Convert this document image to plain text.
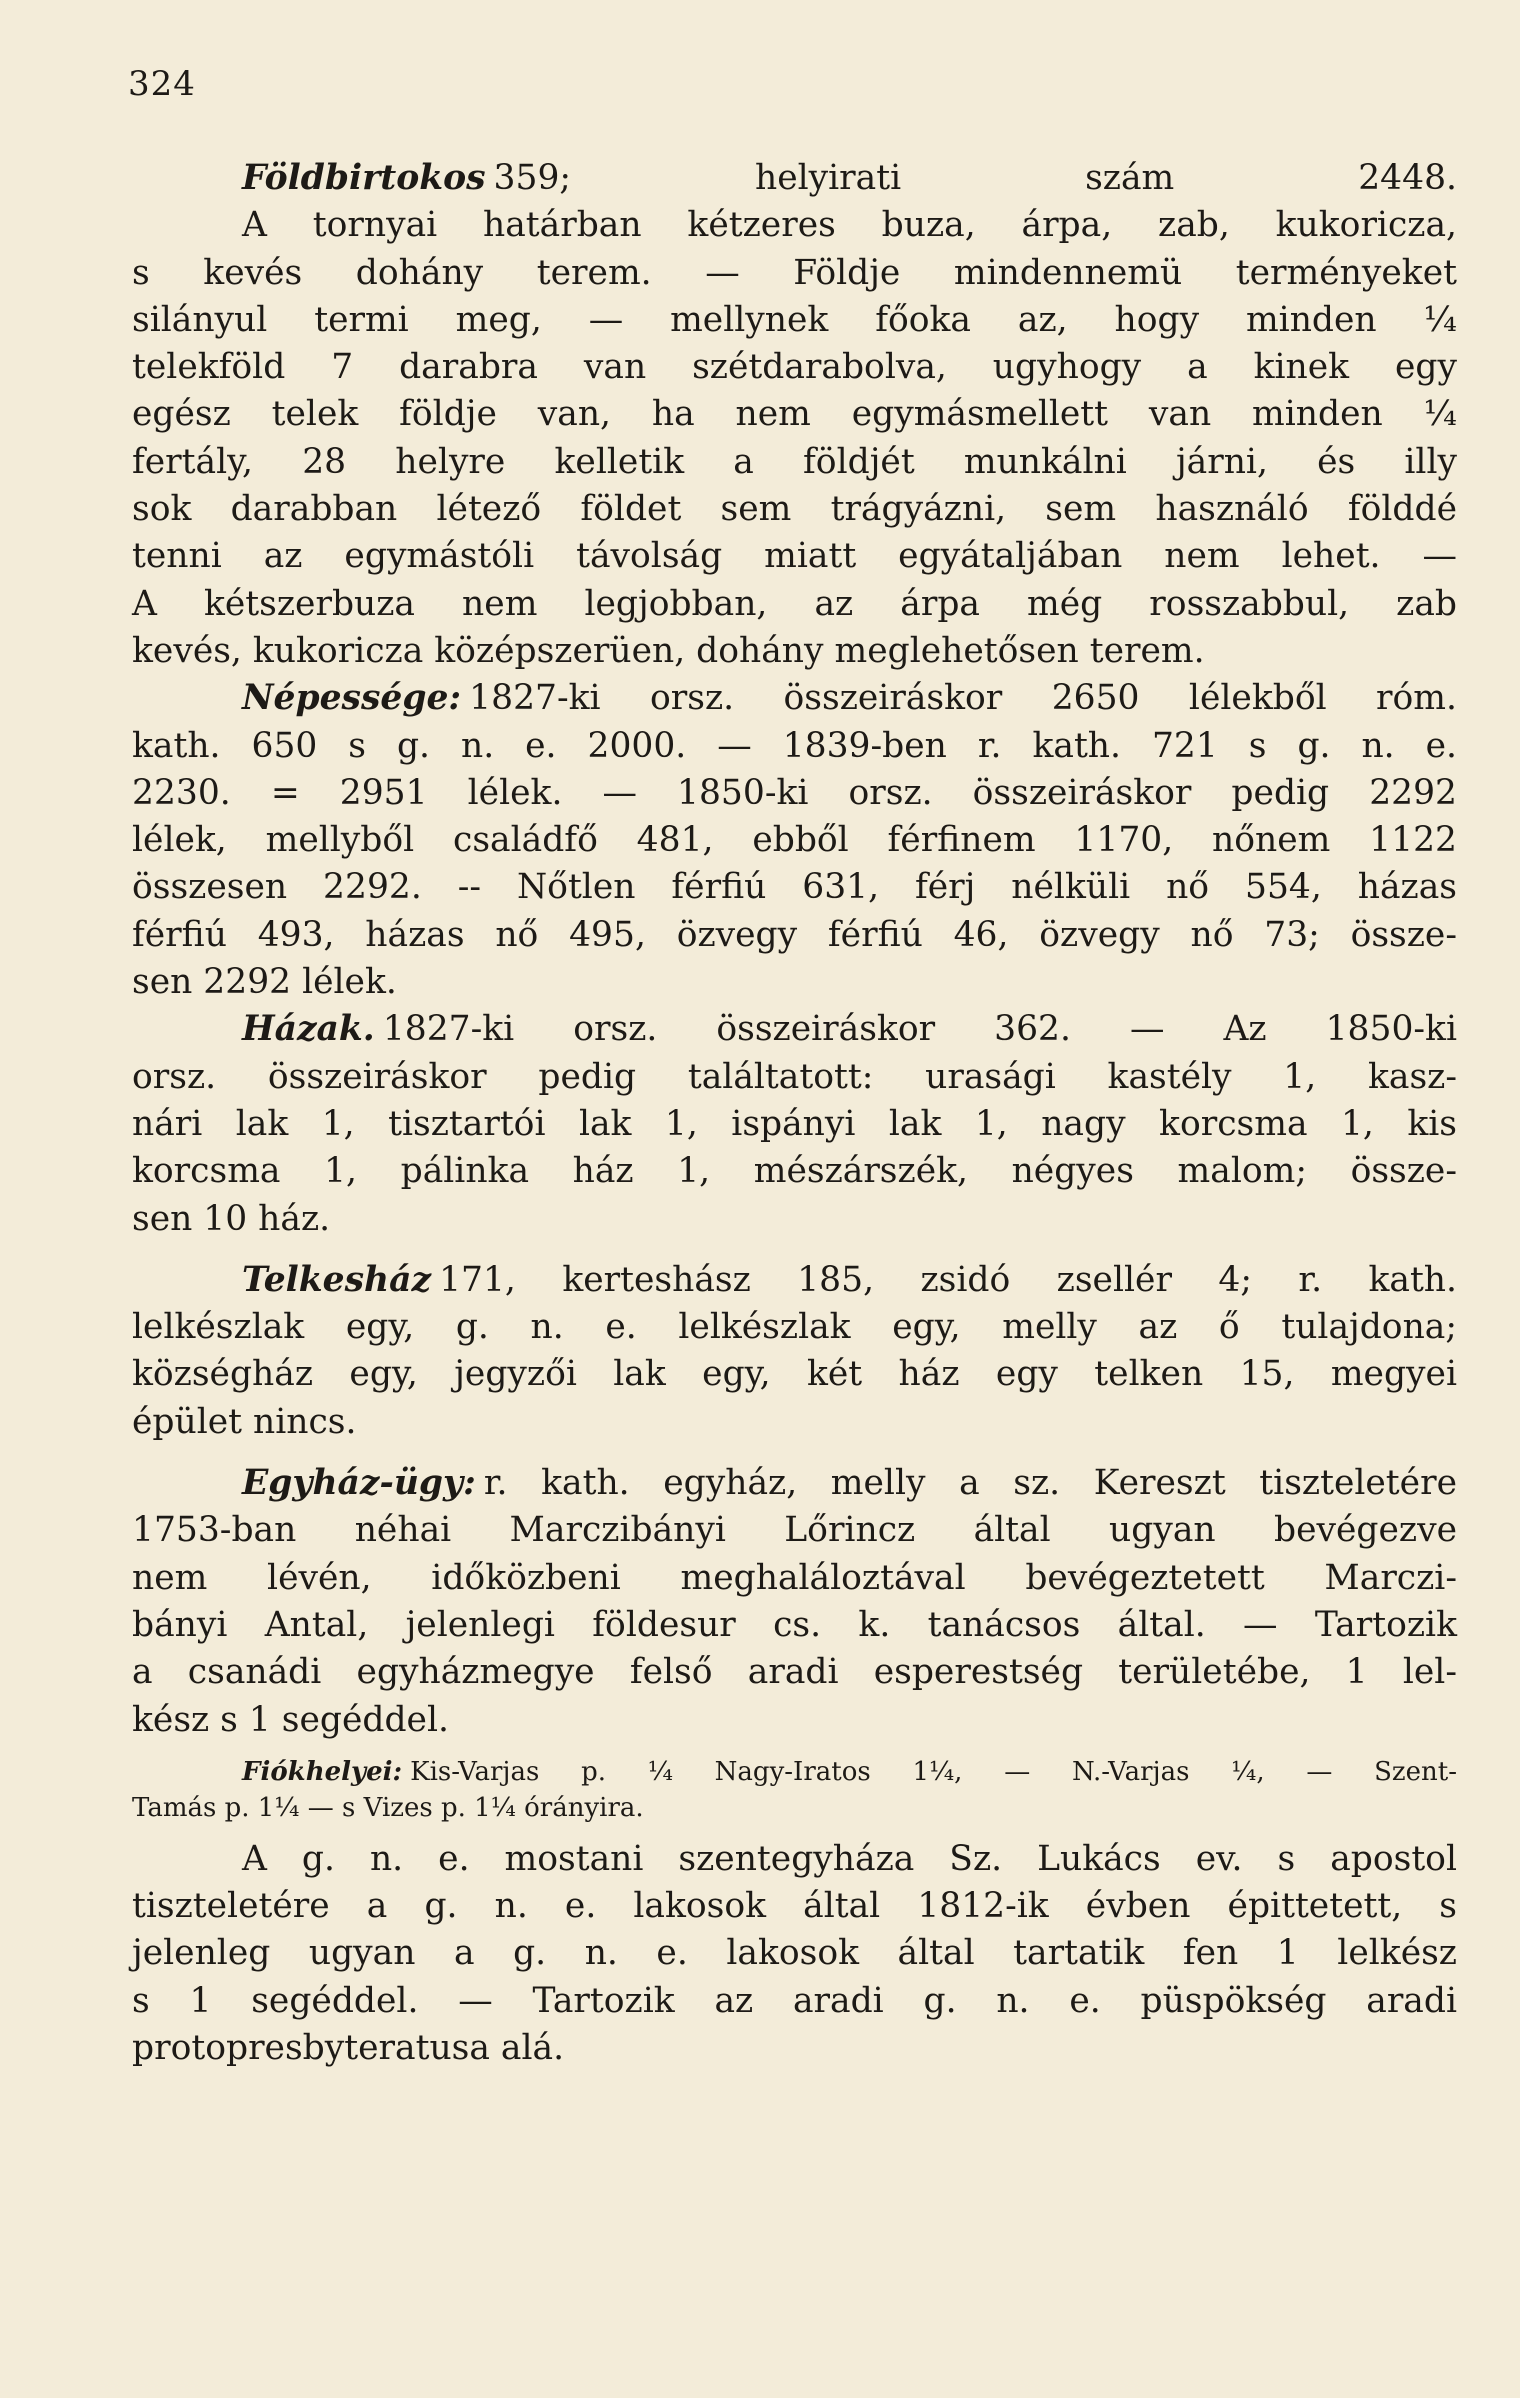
324
Földbirtokos 359; helyirati szám 2448.
A tornyai határban kétzeres buza, árpa, zab, kukoricza,
s kevés dohány terem. — Földje mindennemü terményeket
silányul termi meg, — mellynek főoka az, hogy minden ¼
telekföld 7 darabra van szétdarabolva, ugyhogy a kinek egy
egész telek földje van, ha nem egymásmellett van minden ¼
fertály, 28 helyre kelletik a földjét munkálni járni, és illy
sok darabban létező földet sem trágyázni, sem használó földdé
tenni az egymástóli távolság miatt egyátaljában nem lehet. —
A kétszerbuza nem legjobban, az árpa még rosszabbul, zab
kevés, kukoricza középszerüen, dohány meglehetősen terem.
Népessége: 1827-ki orsz. összeiráskor 2650 lélekből róm.
kath. 650 s g. n. e. 2000. — 1839-ben r. kath. 721 s g. n. e.
2230. = 2951 lélek. — 1850-ki orsz. összeiráskor pedig 2292
lélek, mellyből családfő 481, ebből férfinem 1170, nőnem 1122
összesen 2292. -- Nőtlen férfiú 631, férj nélküli nő 554, házas
férfiú 493, házas nő 495, özvegy férfiú 46, özvegy nő 73; össze-
sen 2292 lélek.
Házak. 1827-ki orsz. összeiráskor 362. — Az 1850-ki
orsz. összeiráskor pedig találtatott: urasági kastély 1, kasz-
nári lak 1, tisztartói lak 1, ispányi lak 1, nagy korcsma 1, kis
korcsma 1, pálinka ház 1, mészárszék, négyes malom; össze-
sen 10 ház.
Telkesház 171, kerteshász 185, zsidó zsellér 4; r. kath.
lelkészlak egy, g. n. e. lelkészlak egy, melly az ő tulajdona;
községház egy, jegyzői lak egy, két ház egy telken 15, megyei
épület nincs.
Egyház-ügy: r. kath. egyház, melly a sz. Kereszt tiszteletére
1753-ban néhai Marczibányi Lőrincz által ugyan bevégezve
nem lévén, időközbeni meghaláloztával bevégeztetett Marczi-
bányi Antal, jelenlegi földesur cs. k. tanácsos által. — Tartozik
a csanádi egyházmegye felső aradi esperestség területébe, 1 lel-
kész s 1 segéddel.
Fiókhelyei: Kis-Varjas p. ¼ Nagy-Iratos 1¼, — N.-Varjas ¼, — Szent-
Tamás p. 1¼ — s Vizes p. 1¼ órányira.
A g. n. e. mostani szentegyháza Sz. Lukács ev. s apostol
tiszteletére a g. n. e. lakosok által 1812-ik évben épittetett, s
jelenleg ugyan a g. n. e. lakosok által tartatik fen 1 lelkész
s 1 segéddel. — Tartozik az aradi g. n. e. püspökség aradi
protopresbyteratusa alá.
